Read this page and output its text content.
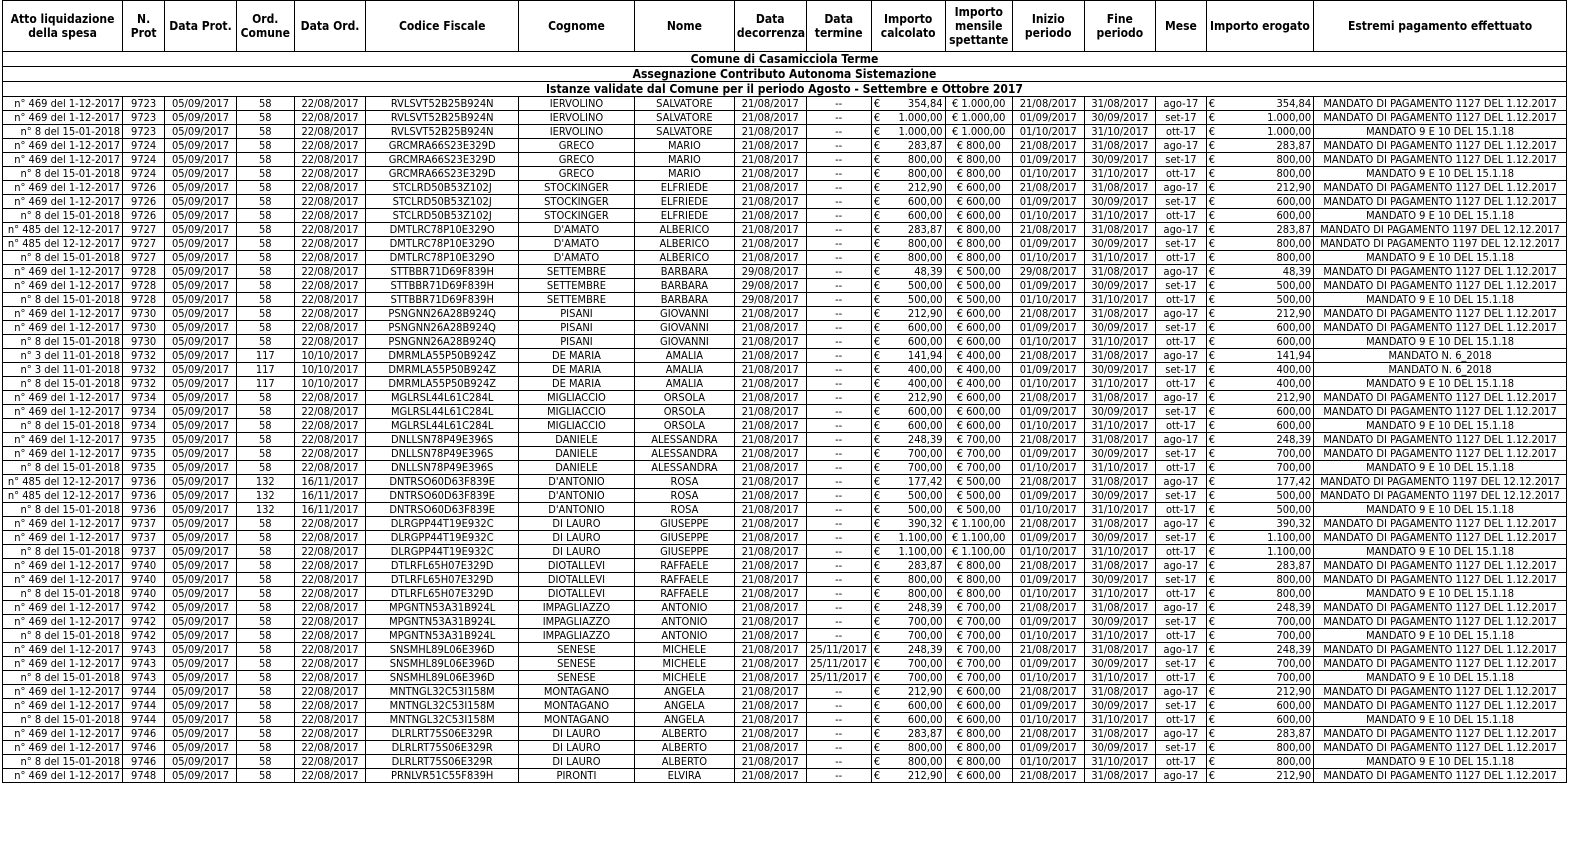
Comune di Casamicciola Terme																
Assegnazione Contributo Autonoma Sistemazione																
Istanze validate dal Comune per il periodo Agosto - Settembre e Ottobre 2017																
Atto liquidazione della spesa	N. Prot	Data Prot.	Ord. Comune	Data Ord.	Codice Fiscale	Cognome	Nome	Data decorrenza	Data termine	Importo calcolato	Importo mensile spettante	Inizio periodo	Fine periodo	Mese	Importo erogato	Estremi pagamento effettuato
n° 469 del 1-12-2017	9723	05/09/2017	58	22/08/2017	RVLSVT52B25B924N	IERVOLINO	SALVATORE	21/08/2017	--	€ 354,84	€ 1.000,00	21/08/2017	31/08/2017	ago-17	€ 354,84	MANDATO DI PAGAMENTO 1127 DEL 1.12.2017
n° 469 del 1-12-2017	9723	05/09/2017	58	22/08/2017	RVLSVT52B25B924N	IERVOLINO	SALVATORE	21/08/2017	--	€ 1.000,00	€ 1.000,00	01/09/2017	30/09/2017	set-17	€ 1.000,00	MANDATO DI PAGAMENTO 1127 DEL 1.12.2017
n° 8 del 15-01-2018	9723	05/09/2017	58	22/08/2017	RVLSVT52B25B924N	IERVOLINO	SALVATORE	21/08/2017	--	€ 1.000,00	€ 1.000,00	01/10/2017	31/10/2017	ott-17	€ 1.000,00	MANDATO 9 E 10 DEL 15.1.18
n° 469 del 1-12-2017	9724	05/09/2017	58	22/08/2017	GRCMRA66S23E329D	GRECO	MARIO	21/08/2017	--	€ 283,87	€ 800,00	21/08/2017	31/08/2017	ago-17	€ 283,87	MANDATO DI PAGAMENTO 1127 DEL 1.12.2017
n° 469 del 1-12-2017	9724	05/09/2017	58	22/08/2017	GRCMRA66S23E329D	GRECO	MARIO	21/08/2017	--	€ 800,00	€ 800,00	01/09/2017	30/09/2017	set-17	€ 800,00	MANDATO DI PAGAMENTO 1127 DEL 1.12.2017
n° 8 del 15-01-2018	9724	05/09/2017	58	22/08/2017	GRCMRA66S23E329D	GRECO	MARIO	21/08/2017	--	€ 800,00	€ 800,00	01/10/2017	31/10/2017	ott-17	€ 800,00	MANDATO 9 E 10 DEL 15.1.18
n° 469 del 1-12-2017	9726	05/09/2017	58	22/08/2017	STCLRD50B53Z102J	STOCKINGER	ELFRIEDE	21/08/2017	--	€ 212,90	€ 600,00	21/08/2017	31/08/2017	ago-17	€ 212,90	MANDATO DI PAGAMENTO 1127 DEL 1.12.2017
n° 469 del 1-12-2017	9726	05/09/2017	58	22/08/2017	STCLRD50B53Z102J	STOCKINGER	ELFRIEDE	21/08/2017	--	€ 600,00	€ 600,00	01/09/2017	30/09/2017	set-17	€ 600,00	MANDATO DI PAGAMENTO 1127 DEL 1.12.2017
n° 8 del 15-01-2018	9726	05/09/2017	58	22/08/2017	STCLRD50B53Z102J	STOCKINGER	ELFRIEDE	21/08/2017	--	€ 600,00	€ 600,00	01/10/2017	31/10/2017	ott-17	€ 600,00	MANDATO 9 E 10 DEL 15.1.18
n° 485 del 12-12-2017	9727	05/09/2017	58	22/08/2017	DMTLRC78P10E329O	D'AMATO	ALBERICO	21/08/2017	--	€ 283,87	€ 800,00	21/08/2017	31/08/2017	ago-17	€ 283,87	MANDATO DI PAGAMENTO 1197 DEL 12.12.2017
n° 485 del 12-12-2017	9727	05/09/2017	58	22/08/2017	DMTLRC78P10E329O	D'AMATO	ALBERICO	21/08/2017	--	€ 800,00	€ 800,00	01/09/2017	30/09/2017	set-17	€ 800,00	MANDATO DI PAGAMENTO 1197 DEL 12.12.2017
n° 8 del 15-01-2018	9727	05/09/2017	58	22/08/2017	DMTLRC78P10E329O	D'AMATO	ALBERICO	21/08/2017	--	€ 800,00	€ 800,00	01/10/2017	31/10/2017	ott-17	€ 800,00	MANDATO 9 E 10 DEL 15.1.18
n° 469 del 1-12-2017	9728	05/09/2017	58	22/08/2017	STTBBR71D69F839H	SETTEMBRE	BARBARA	29/08/2017	--	€ 48,39	€ 500,00	29/08/2017	31/08/2017	ago-17	€ 48,39	MANDATO DI PAGAMENTO 1127 DEL 1.12.2017
n° 469 del 1-12-2017	9728	05/09/2017	58	22/08/2017	STTBBR71D69F839H	SETTEMBRE	BARBARA	29/08/2017	--	€ 500,00	€ 500,00	01/09/2017	30/09/2017	set-17	€ 500,00	MANDATO DI PAGAMENTO 1127 DEL 1.12.2017
n° 8 del 15-01-2018	9728	05/09/2017	58	22/08/2017	STTBBR71D69F839H	SETTEMBRE	BARBARA	29/08/2017	--	€ 500,00	€ 500,00	01/10/2017	31/10/2017	ott-17	€ 500,00	MANDATO 9 E 10 DEL 15.1.18
n° 469 del 1-12-2017	9730	05/09/2017	58	22/08/2017	PSNGNN26A28B924Q	PISANI	GIOVANNI	21/08/2017	--	€ 212,90	€ 600,00	21/08/2017	31/08/2017	ago-17	€ 212,90	MANDATO DI PAGAMENTO 1127 DEL 1.12.2017
n° 469 del 1-12-2017	9730	05/09/2017	58	22/08/2017	PSNGNN26A28B924Q	PISANI	GIOVANNI	21/08/2017	--	€ 600,00	€ 600,00	01/09/2017	30/09/2017	set-17	€ 600,00	MANDATO DI PAGAMENTO 1127 DEL 1.12.2017
n° 8 del 15-01-2018	9730	05/09/2017	58	22/08/2017	PSNGNN26A28B924Q	PISANI	GIOVANNI	21/08/2017	--	€ 600,00	€ 600,00	01/10/2017	31/10/2017	ott-17	€ 600,00	MANDATO 9 E 10 DEL 15.1.18
n° 3 del 11-01-2018	9732	05/09/2017	117	10/10/2017	DMRMLA55P50B924Z	DE MARIA	AMALIA	21/08/2017	--	€ 141,94	€ 400,00	21/08/2017	31/08/2017	ago-17	€ 141,94	MANDATO N. 6_2018
n° 3 del 11-01-2018	9732	05/09/2017	117	10/10/2017	DMRMLA55P50B924Z	DE MARIA	AMALIA	21/08/2017	--	€ 400,00	€ 400,00	01/09/2017	30/09/2017	set-17	€ 400,00	MANDATO N. 6_2018
n° 8 del 15-01-2018	9732	05/09/2017	117	10/10/2017	DMRMLA55P50B924Z	DE MARIA	AMALIA	21/08/2017	--	€ 400,00	€ 400,00	01/10/2017	31/10/2017	ott-17	€ 400,00	MANDATO 9 E 10 DEL 15.1.18
n° 469 del 1-12-2017	9734	05/09/2017	58	22/08/2017	MGLRSL44L61C284L	MIGLIACCIO	ORSOLA	21/08/2017	--	€ 212,90	€ 600,00	21/08/2017	31/08/2017	ago-17	€ 212,90	MANDATO DI PAGAMENTO 1127 DEL 1.12.2017
n° 469 del 1-12-2017	9734	05/09/2017	58	22/08/2017	MGLRSL44L61C284L	MIGLIACCIO	ORSOLA	21/08/2017	--	€ 600,00	€ 600,00	01/09/2017	30/09/2017	set-17	€ 600,00	MANDATO DI PAGAMENTO 1127 DEL 1.12.2017
n° 8 del 15-01-2018	9734	05/09/2017	58	22/08/2017	MGLRSL44L61C284L	MIGLIACCIO	ORSOLA	21/08/2017	--	€ 600,00	€ 600,00	01/10/2017	31/10/2017	ott-17	€ 600,00	MANDATO 9 E 10 DEL 15.1.18
n° 469 del 1-12-2017	9735	05/09/2017	58	22/08/2017	DNLLSN78P49E396S	DANIELE	ALESSANDRA	21/08/2017	--	€ 248,39	€ 700,00	21/08/2017	31/08/2017	ago-17	€ 248,39	MANDATO DI PAGAMENTO 1127 DEL 1.12.2017
n° 469 del 1-12-2017	9735	05/09/2017	58	22/08/2017	DNLLSN78P49E396S	DANIELE	ALESSANDRA	21/08/2017	--	€ 700,00	€ 700,00	01/09/2017	30/09/2017	set-17	€ 700,00	MANDATO DI PAGAMENTO 1127 DEL 1.12.2017
n° 8 del 15-01-2018	9735	05/09/2017	58	22/08/2017	DNLLSN78P49E396S	DANIELE	ALESSANDRA	21/08/2017	--	€ 700,00	€ 700,00	01/10/2017	31/10/2017	ott-17	€ 700,00	MANDATO 9 E 10 DEL 15.1.18
n° 485 del 12-12-2017	9736	05/09/2017	132	16/11/2017	DNTRSO60D63F839E	D'ANTONIO	ROSA	21/08/2017	--	€ 177,42	€ 500,00	21/08/2017	31/08/2017	ago-17	€ 177,42	MANDATO DI PAGAMENTO 1197 DEL 12.12.2017
n° 485 del 12-12-2017	9736	05/09/2017	132	16/11/2017	DNTRSO60D63F839E	D'ANTONIO	ROSA	21/08/2017	--	€ 500,00	€ 500,00	01/09/2017	30/09/2017	set-17	€ 500,00	MANDATO DI PAGAMENTO 1197 DEL 12.12.2017
n° 8 del 15-01-2018	9736	05/09/2017	132	16/11/2017	DNTRSO60D63F839E	D'ANTONIO	ROSA	21/08/2017	--	€ 500,00	€ 500,00	01/10/2017	31/10/2017	ott-17	€ 500,00	MANDATO 9 E 10 DEL 15.1.18
n° 469 del 1-12-2017	9737	05/09/2017	58	22/08/2017	DLRGPP44T19E932C	DI LAURO	GIUSEPPE	21/08/2017	--	€ 390,32	€ 1.100,00	21/08/2017	31/08/2017	ago-17	€ 390,32	MANDATO DI PAGAMENTO 1127 DEL 1.12.2017
n° 469 del 1-12-2017	9737	05/09/2017	58	22/08/2017	DLRGPP44T19E932C	DI LAURO	GIUSEPPE	21/08/2017	--	€ 1.100,00	€ 1.100,00	01/09/2017	30/09/2017	set-17	€ 1.100,00	MANDATO DI PAGAMENTO 1127 DEL 1.12.2017
n° 8 del 15-01-2018	9737	05/09/2017	58	22/08/2017	DLRGPP44T19E932C	DI LAURO	GIUSEPPE	21/08/2017	--	€ 1.100,00	€ 1.100,00	01/10/2017	31/10/2017	ott-17	€ 1.100,00	MANDATO 9 E 10 DEL 15.1.18
n° 469 del 1-12-2017	9740	05/09/2017	58	22/08/2017	DTLRFL65H07E329D	DIOTALLEVI	RAFFAELE	21/08/2017	--	€ 283,87	€ 800,00	21/08/2017	31/08/2017	ago-17	€ 283,87	MANDATO DI PAGAMENTO 1127 DEL 1.12.2017
n° 469 del 1-12-2017	9740	05/09/2017	58	22/08/2017	DTLRFL65H07E329D	DIOTALLEVI	RAFFAELE	21/08/2017	--	€ 800,00	€ 800,00	01/09/2017	30/09/2017	set-17	€ 800,00	MANDATO DI PAGAMENTO 1127 DEL 1.12.2017
n° 8 del 15-01-2018	9740	05/09/2017	58	22/08/2017	DTLRFL65H07E329D	DIOTALLEVI	RAFFAELE	21/08/2017	--	€ 800,00	€ 800,00	01/10/2017	31/10/2017	ott-17	€ 800,00	MANDATO 9 E 10 DEL 15.1.18
n° 469 del 1-12-2017	9742	05/09/2017	58	22/08/2017	MPGNTN53A31B924L	IMPAGLIAZZO	ANTONIO	21/08/2017	--	€ 248,39	€ 700,00	21/08/2017	31/08/2017	ago-17	€ 248,39	MANDATO DI PAGAMENTO 1127 DEL 1.12.2017
n° 469 del 1-12-2017	9742	05/09/2017	58	22/08/2017	MPGNTN53A31B924L	IMPAGLIAZZO	ANTONIO	21/08/2017	--	€ 700,00	€ 700,00	01/09/2017	30/09/2017	set-17	€ 700,00	MANDATO DI PAGAMENTO 1127 DEL 1.12.2017
n° 8 del 15-01-2018	9742	05/09/2017	58	22/08/2017	MPGNTN53A31B924L	IMPAGLIAZZO	ANTONIO	21/08/2017	--	€ 700,00	€ 700,00	01/10/2017	31/10/2017	ott-17	€ 700,00	MANDATO 9 E 10 DEL 15.1.18
n° 469 del 1-12-2017	9743	05/09/2017	58	22/08/2017	SNSMHL89L06E396D	SENESE	MICHELE	21/08/2017	25/11/2017	€ 248,39	€ 700,00	21/08/2017	31/08/2017	ago-17	€ 248,39	MANDATO DI PAGAMENTO 1127 DEL 1.12.2017
n° 469 del 1-12-2017	9743	05/09/2017	58	22/08/2017	SNSMHL89L06E396D	SENESE	MICHELE	21/08/2017	25/11/2017	€ 700,00	€ 700,00	01/09/2017	30/09/2017	set-17	€ 700,00	MANDATO DI PAGAMENTO 1127 DEL 1.12.2017
n° 8 del 15-01-2018	9743	05/09/2017	58	22/08/2017	SNSMHL89L06E396D	SENESE	MICHELE	21/08/2017	25/11/2017	€ 700,00	€ 700,00	01/10/2017	31/10/2017	ott-17	€ 700,00	MANDATO 9 E 10 DEL 15.1.18
n° 469 del 1-12-2017	9744	05/09/2017	58	22/08/2017	MNTNGL32C53I158M	MONTAGANO	ANGELA	21/08/2017	--	€ 212,90	€ 600,00	21/08/2017	31/08/2017	ago-17	€ 212,90	MANDATO DI PAGAMENTO 1127 DEL 1.12.2017
n° 469 del 1-12-2017	9744	05/09/2017	58	22/08/2017	MNTNGL32C53I158M	MONTAGANO	ANGELA	21/08/2017	--	€ 600,00	€ 600,00	01/09/2017	30/09/2017	set-17	€ 600,00	MANDATO DI PAGAMENTO 1127 DEL 1.12.2017
n° 8 del 15-01-2018	9744	05/09/2017	58	22/08/2017	MNTNGL32C53I158M	MONTAGANO	ANGELA	21/08/2017	--	€ 600,00	€ 600,00	01/10/2017	31/10/2017	ott-17	€ 600,00	MANDATO 9 E 10 DEL 15.1.18
n° 469 del 1-12-2017	9746	05/09/2017	58	22/08/2017	DLRLRT75S06E329R	DI LAURO	ALBERTO	21/08/2017	--	€ 283,87	€ 800,00	21/08/2017	31/08/2017	ago-17	€ 283,87	MANDATO DI PAGAMENTO 1127 DEL 1.12.2017
n° 469 del 1-12-2017	9746	05/09/2017	58	22/08/2017	DLRLRT75S06E329R	DI LAURO	ALBERTO	21/08/2017	--	€ 800,00	€ 800,00	01/09/2017	30/09/2017	set-17	€ 800,00	MANDATO DI PAGAMENTO 1127 DEL 1.12.2017
n° 8 del 15-01-2018	9746	05/09/2017	58	22/08/2017	DLRLRT75S06E329R	DI LAURO	ALBERTO	21/08/2017	--	€ 800,00	€ 800,00	01/10/2017	31/10/2017	ott-17	€ 800,00	MANDATO 9 E 10 DEL 15.1.18
n° 469 del 1-12-2017	9748	05/09/2017	58	22/08/2017	PRNLVR51C55F839H	PIRONTI	ELVIRA	21/08/2017	--	€ 212,90	€ 600,00	21/08/2017	31/08/2017	ago-17	€ 212,90	MANDATO DI PAGAMENTO 1127 DEL 1.12.2017
